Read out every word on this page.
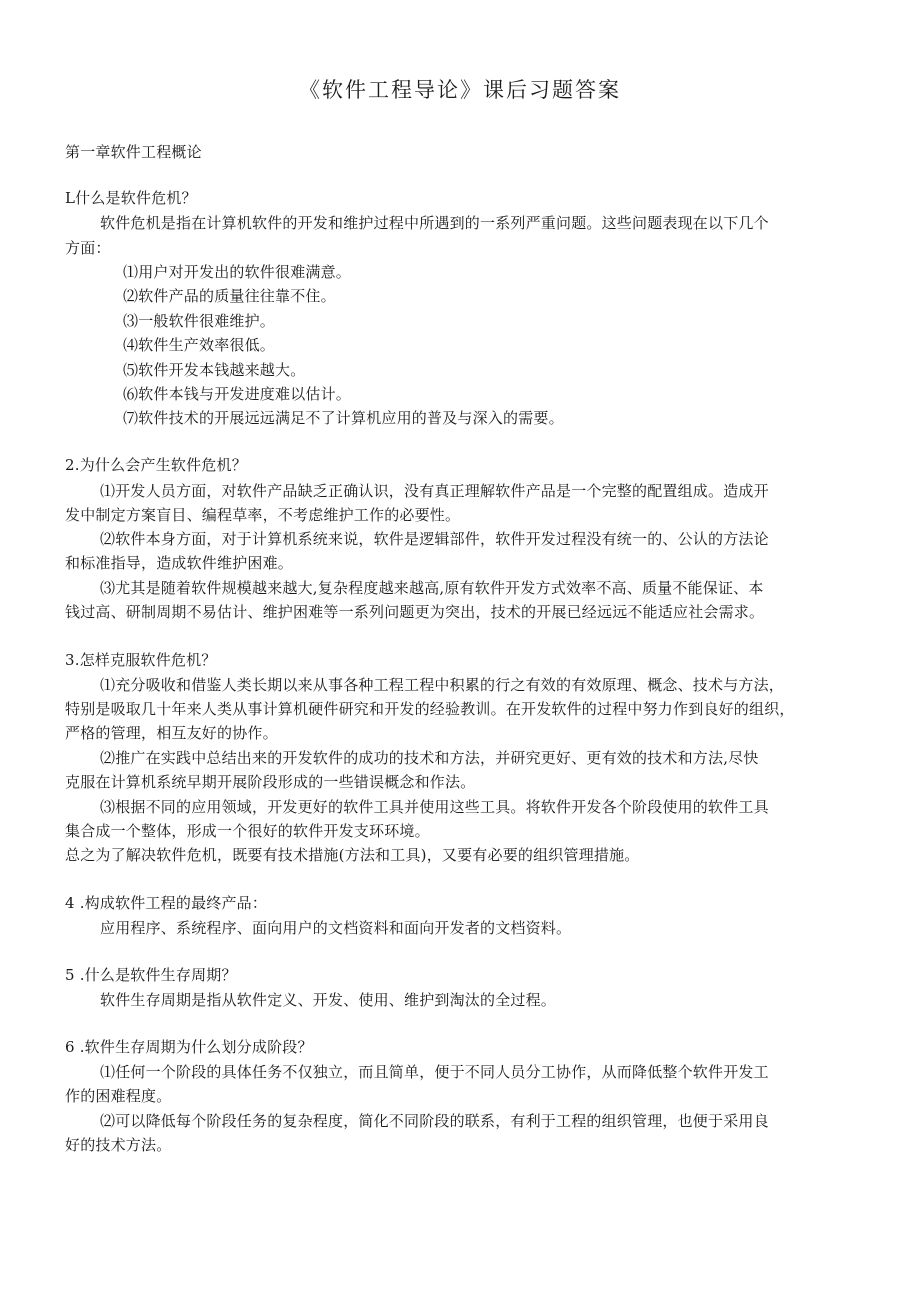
《软件工程导论》课后习题答案
第一章软件工程概论
L什么是软件危机？
软件危机是指在计算机软件的开发和维护过程中所遇到的一系列严重问题。这些问题表现在以下几个
方面：
⑴用户对开发出的软件很难满意。
⑵软件产品的质量往往靠不住。
⑶一般软件很难维护。
⑷软件生产效率很低。
⑸软件开发本钱越来越大。
⑹软件本钱与开发进度难以估计。
⑺软件技术的开展远远满足不了计算机应用的普及与深入的需要。
2.为什么会产生软件危机？
⑴开发人员方面，对软件产品缺乏正确认识，没有真正理解软件产品是一个完整的配置组成。造成开
发中制定方案盲目、编程草率，不考虑维护工作的必要性。
⑵软件本身方面，对于计算机系统来说，软件是逻辑部件，软件开发过程没有统一的、公认的方法论
和标准指导，造成软件维护困难。
⑶尤其是随着软件规模越来越大,复杂程度越来越高,原有软件开发方式效率不高、质量不能保证、本
钱过高、研制周期不易估计、维护困难等一系列问题更为突出，技术的开展已经远远不能适应社会需求。
3.怎样克服软件危机？
⑴充分吸收和借鉴人类长期以来从事各种工程工程中积累的行之有效的有效原理、概念、技术与方法，
特别是吸取几十年来人类从事计算机硬件研究和开发的经验教训。在开发软件的过程中努力作到良好的组织，
严格的管理，相互友好的协作。
⑵推广在实践中总结出来的开发软件的成功的技术和方法，并研究更好、更有效的技术和方法,尽快
克服在计算机系统早期开展阶段形成的一些错误概念和作法。
⑶根据不同的应用领域，开发更好的软件工具并使用这些工具。将软件开发各个阶段使用的软件工具
集合成一个整体，形成一个很好的软件开发支环环境。
总之为了解决软件危机，既要有技术措施(方法和工具)，又要有必要的组织管理措施。
4 .构成软件工程的最终产品：
应用程序、系统程序、面向用户的文档资料和面向开发者的文档资料。
5 .什么是软件生存周期？
软件生存周期是指从软件定义、开发、使用、维护到淘汰的全过程。
6 .软件生存周期为什么划分成阶段？
⑴任何一个阶段的具体任务不仅独立，而且简单，便于不同人员分工协作，从而降低整个软件开发工
作的困难程度。
⑵可以降低每个阶段任务的复杂程度，简化不同阶段的联系，有利于工程的组织管理，也便于采用良
好的技术方法。
